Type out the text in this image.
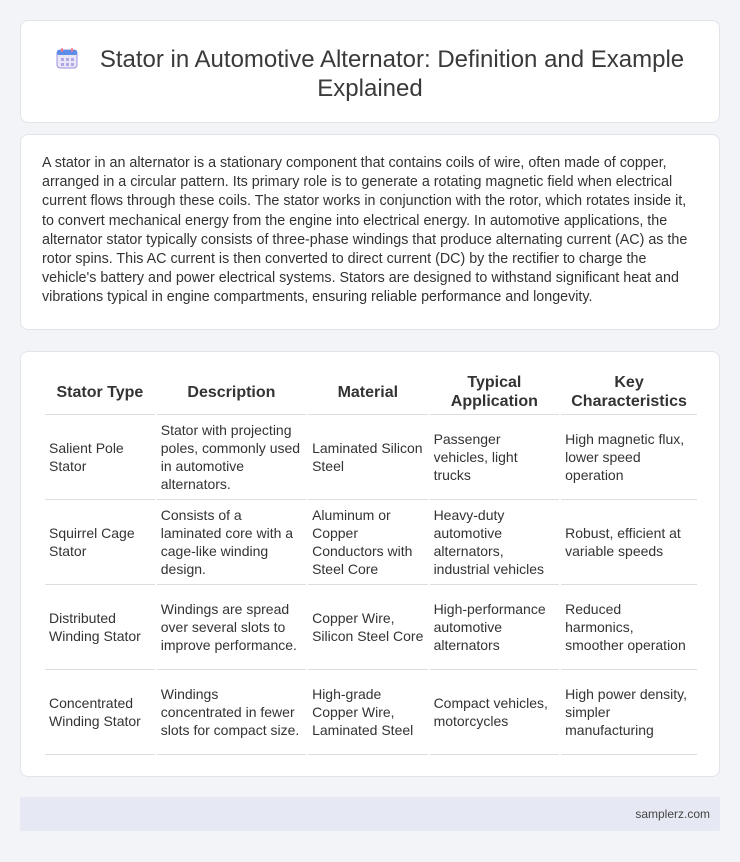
Stator in Automotive Alternator: Definition and Example Explained

A stator in an alternator is a stationary component that contains coils of wire, often made of copper, arranged in a circular pattern. Its primary role is to generate a rotating magnetic field when electrical current flows through these coils. The stator works in conjunction with the rotor, which rotates inside it, to convert mechanical energy from the engine into electrical energy. In automotive applications, the alternator stator typically consists of three-phase windings that produce alternating current (AC) as the rotor spins. This AC current is then converted to direct current (DC) by the rectifier to charge the vehicle's battery and power electrical systems. Stators are designed to withstand significant heat and vibrations typical in engine compartments, ensuring reliable performance and longevity.

Stator Type	Description	Material	Typical Application	Key Characteristics
Salient Pole Stator	Stator with projecting poles, commonly used in automotive alternators.	Laminated Silicon Steel	Passenger vehicles, light trucks	High magnetic flux, lower speed operation
Squirrel Cage Stator	Consists of a laminated core with a cage-like winding design.	Aluminum or Copper Conductors with Steel Core	Heavy-duty automotive alternators, industrial vehicles	Robust, efficient at variable speeds
Distributed Winding Stator	Windings are spread over several slots to improve performance.	Copper Wire, Silicon Steel Core	High-performance automotive alternators	Reduced harmonics, smoother operation
Concentrated Winding Stator	Windings concentrated in fewer slots for compact size.	High-grade Copper Wire, Laminated Steel	Compact vehicles, motorcycles	High power density, simpler manufacturing
samplerz.com
